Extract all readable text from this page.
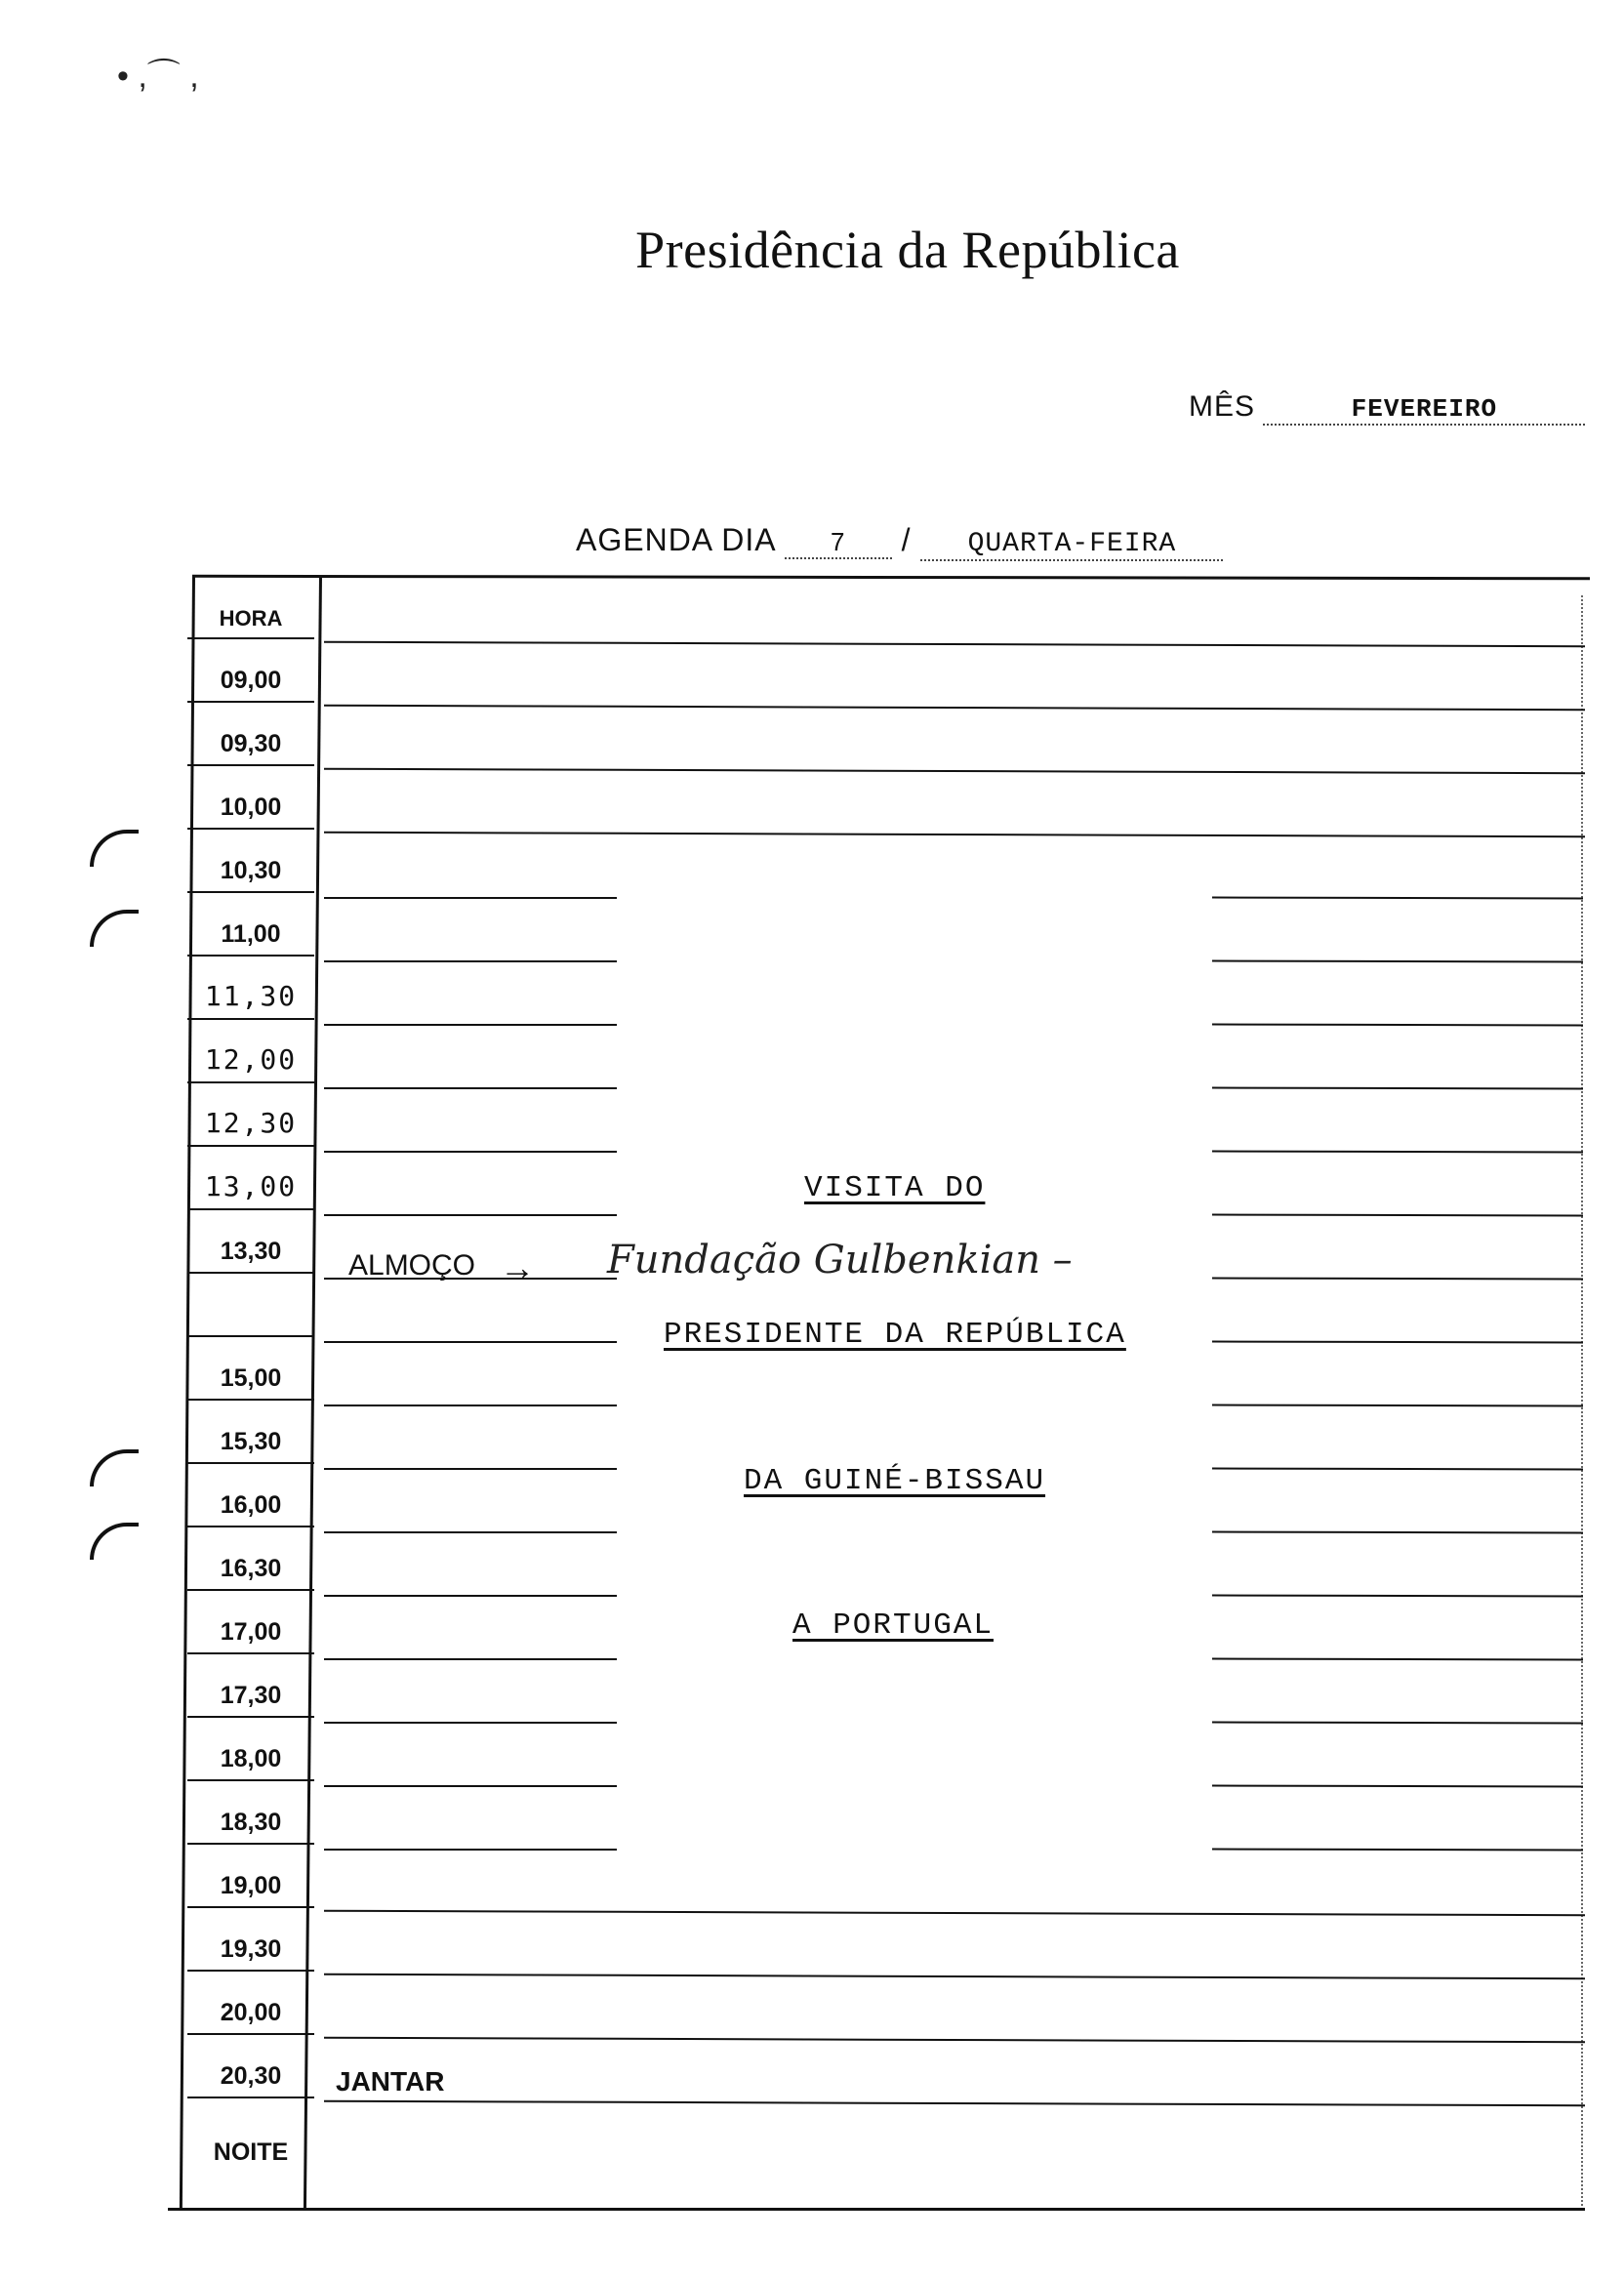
• ,⌒ ,
Presidência da República
MÊS	FEVEREIRO
AGENDA DIA 7 / QUARTA-FEIRA
HORA
09,00
09,30
10,00
10,30
11,00
11,30
12,00
12,30
13,00
13,30
15,00
15,30
16,00
16,30
17,00
17,30
18,00
18,30
19,00
19,30
20,00
20,30
NOITE
ALMOÇO → Fundação Gulbenkian –
JANTAR
VISITA DO
PRESIDENTE DA REPÚBLICA
DA GUINÉ-BISSAU
A PORTUGAL
